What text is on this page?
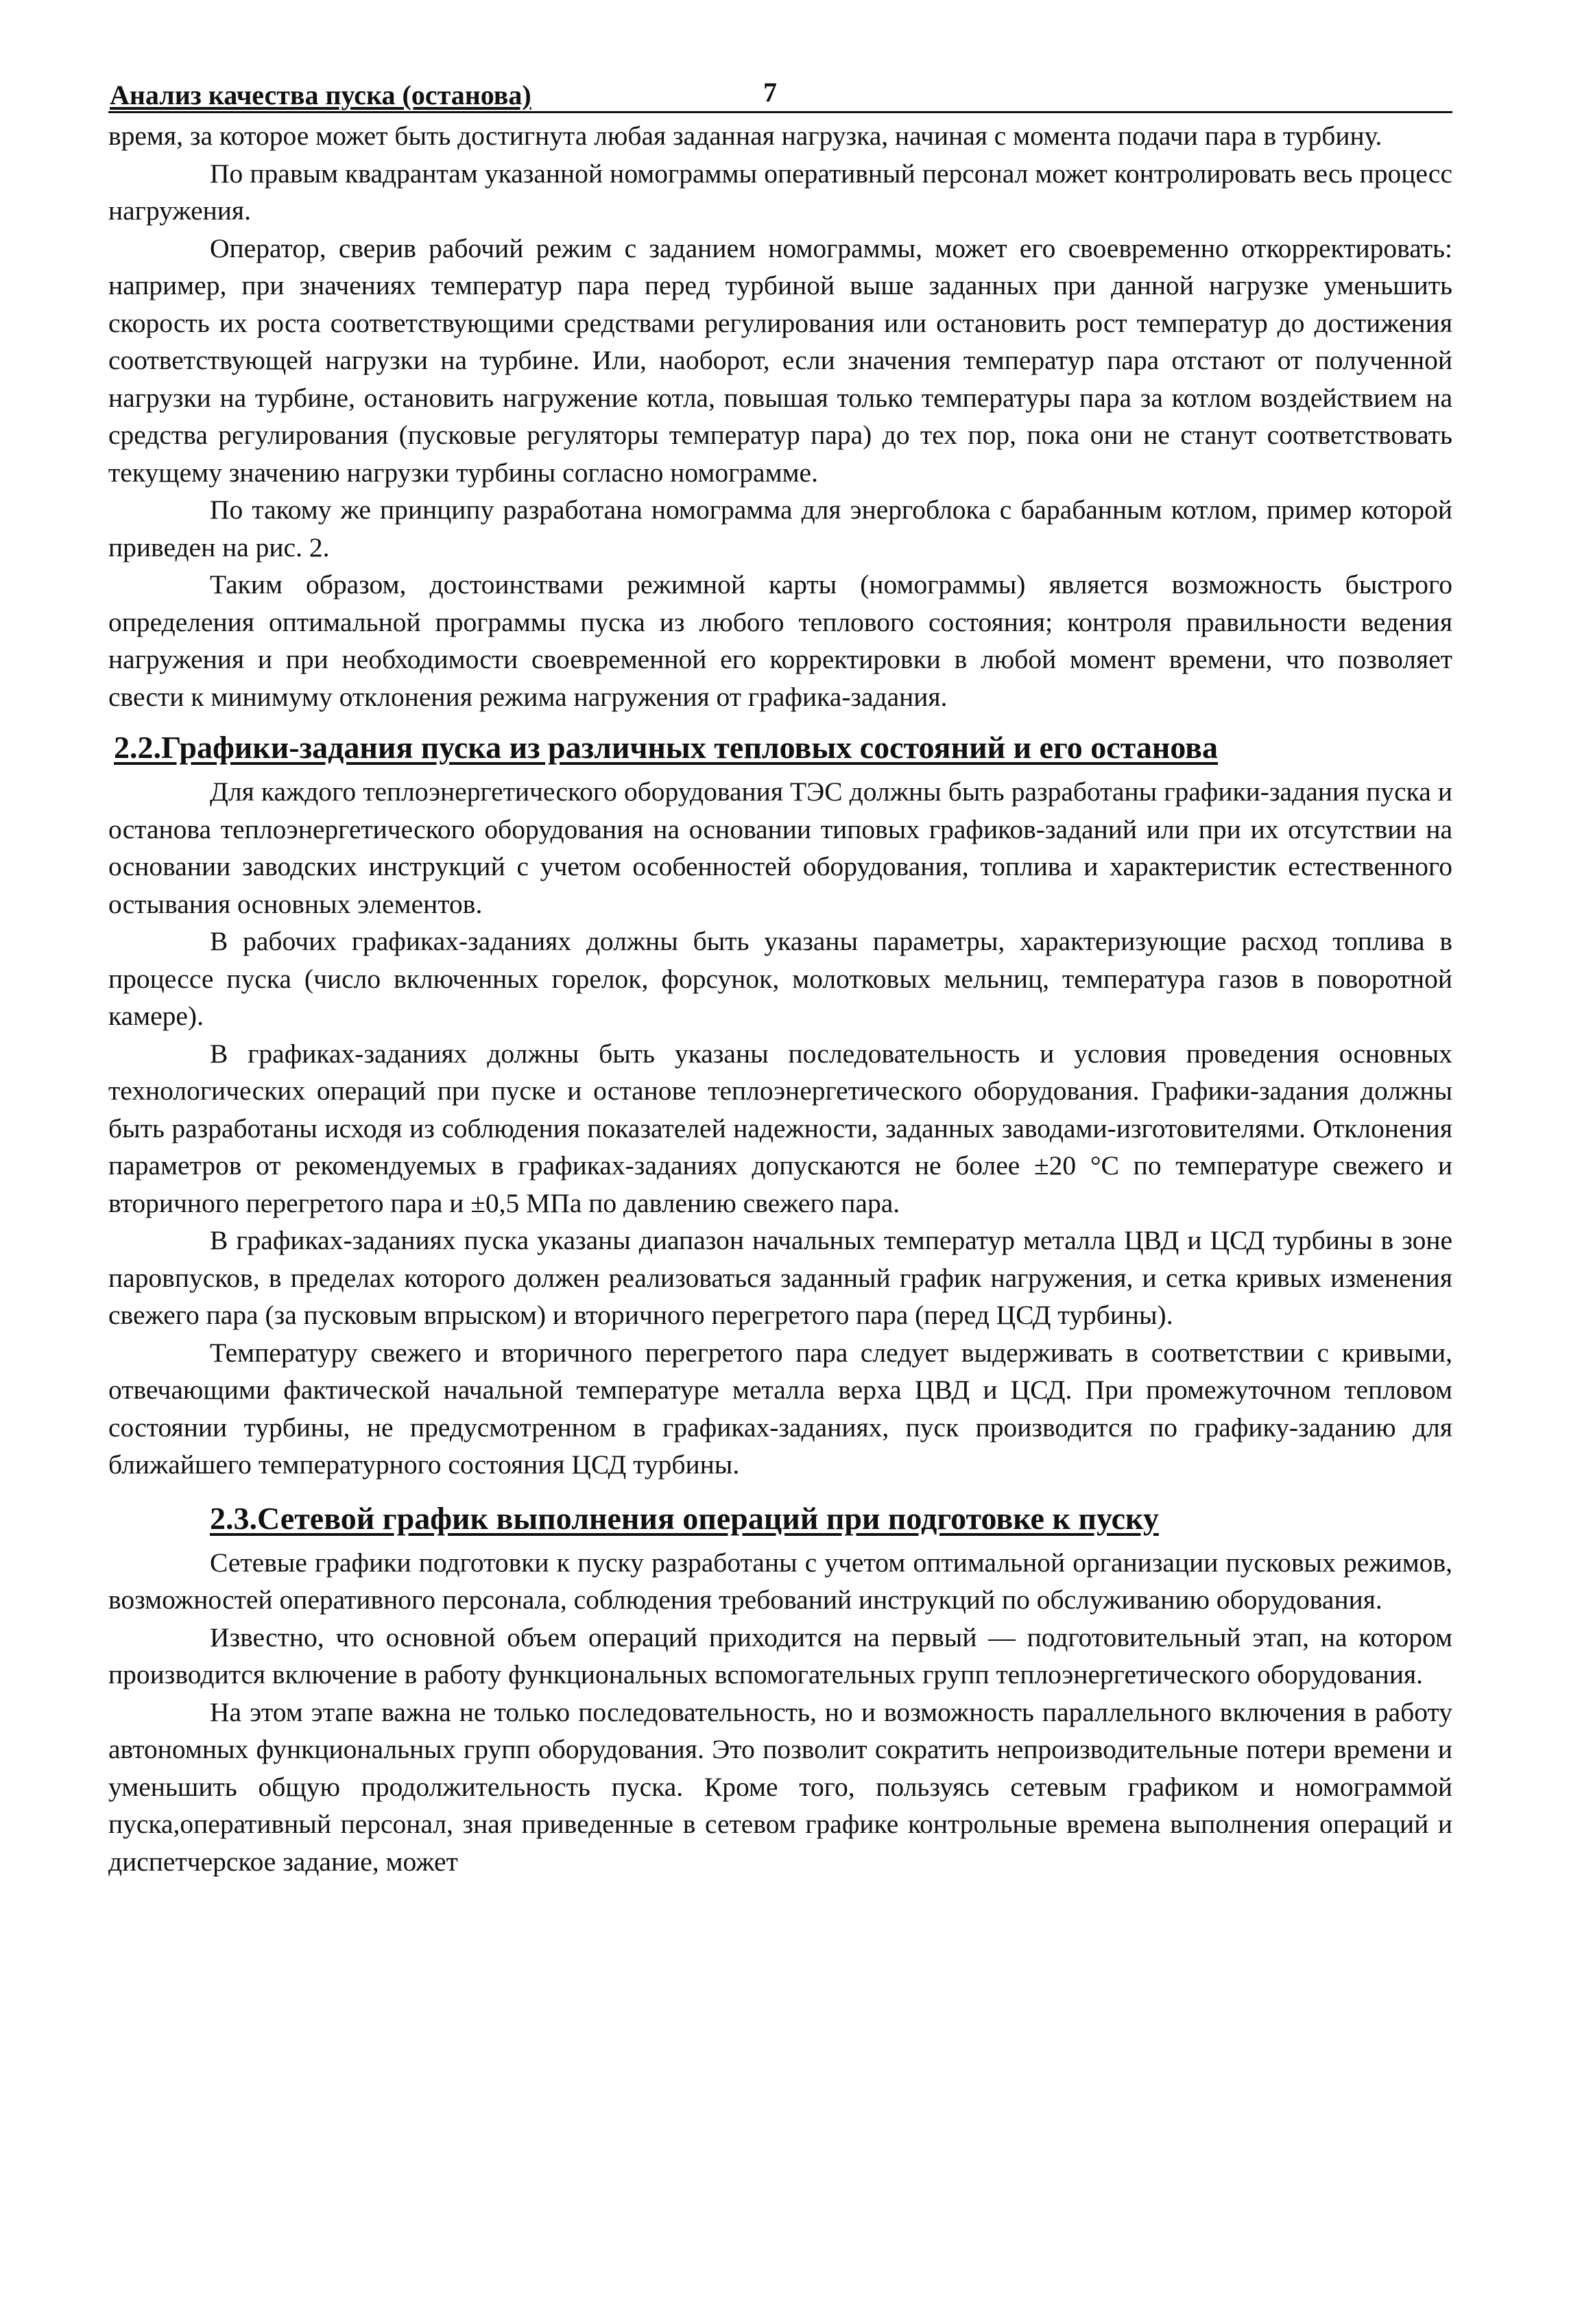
Анализ качества пуска (останова)	7

время, за которое может быть достигнута любая заданная нагрузка, начиная с момента подачи пара в турбину.

По правым квадрантам указанной номограммы оперативный персонал может контролировать весь процесс нагружения.

Оператор, сверив рабочий режим с заданием номограммы, может его своевременно откорректировать: например, при значениях температур пара перед турбиной выше заданных при данной нагрузке уменьшить скорость их роста соответствующими средствами регулирования или остановить рост температур до достижения соответствующей нагрузки на турбине. Или, наоборот, если значения температур пара отстают от полученной нагрузки на турбине, остановить нагружение котла, повышая только температуры пара за котлом воздействием на средства регулирования (пусковые регуляторы температур пара) до тех пор, пока они не станут соответствовать текущему значению нагрузки турбины согласно номограмме.

По такому же принципу разработана номограмма для энергоблока с барабанным котлом, пример которой приведен на рис. 2.

Таким образом, достоинствами режимной карты (номограммы) является возможность быстрого определения оптимальной программы пуска из любого теплового состояния; контроля правильности ведения нагружения и при необходимости своевременной его корректировки в любой момент времени, что позволяет свести к минимуму отклонения режима нагружения от графика-задания.

2.2.Графики-задания пуска из различных тепловых состояний и его останова

Для каждого теплоэнергетического оборудования ТЭС должны быть разработаны графики-задания пуска и останова теплоэнергетического оборудования на основании типовых графиков-заданий или при их отсутствии на основании заводских инструкций с учетом особенностей оборудования, топлива и характеристик естественного остывания основных элементов.

В рабочих графиках-заданиях должны быть указаны параметры, характеризующие расход топлива в процессе пуска (число включенных горелок, форсунок, молотковых мельниц, температура газов в поворотной камере).

В графиках-заданиях должны быть указаны последовательность и условия проведения основных технологических операций при пуске и останове теплоэнергетического оборудования. Графики-задания должны быть разработаны исходя из соблюдения показателей надежности, заданных заводами-изготовителями. Отклонения параметров от рекомендуемых в графиках-заданиях допускаются не более ±20 °С по температуре свежего и вторичного перегретого пара и ±0,5 МПа по давлению свежего пара.

В графиках-заданиях пуска указаны диапазон начальных температур металла ЦВД и ЦСД турбины в зоне паровпусков, в пределах которого должен реализоваться заданный график нагружения, и сетка кривых изменения свежего пара (за пусковым впрыском) и вторичного перегретого пара (перед ЦСД турбины).

Температуру свежего и вторичного перегретого пара следует выдерживать в соответствии с кривыми, отвечающими фактической начальной температуре металла верха ЦВД и ЦСД. При промежуточном тепловом состоянии турбины, не предусмотренном в графиках-заданиях, пуск производится по графику-заданию для ближайшего температурного состояния ЦСД турбины.

2.3.Сетевой график выполнения операций при подготовке к пуску

Сетевые графики подготовки к пуску разработаны с учетом оптимальной организации пусковых режимов, возможностей оперативного персонала, соблюдения требований инструкций по обслуживанию оборудования.

Известно, что основной объем операций приходится на первый — подготовительный этап, на котором производится включение в работу функциональных вспомогательных групп теплоэнергетического оборудования.

На этом этапе важна не только последовательность, но и возможность параллельного включения в работу автономных функциональных групп оборудования. Это позволит сократить непроизводительные потери времени и уменьшить общую продолжительность пуска. Кроме того, пользуясь сетевым графиком и номограммой пуска,оперативный персонал, зная приведенные в сетевом графике контрольные времена выполнения операций и диспетчерское задание, может
